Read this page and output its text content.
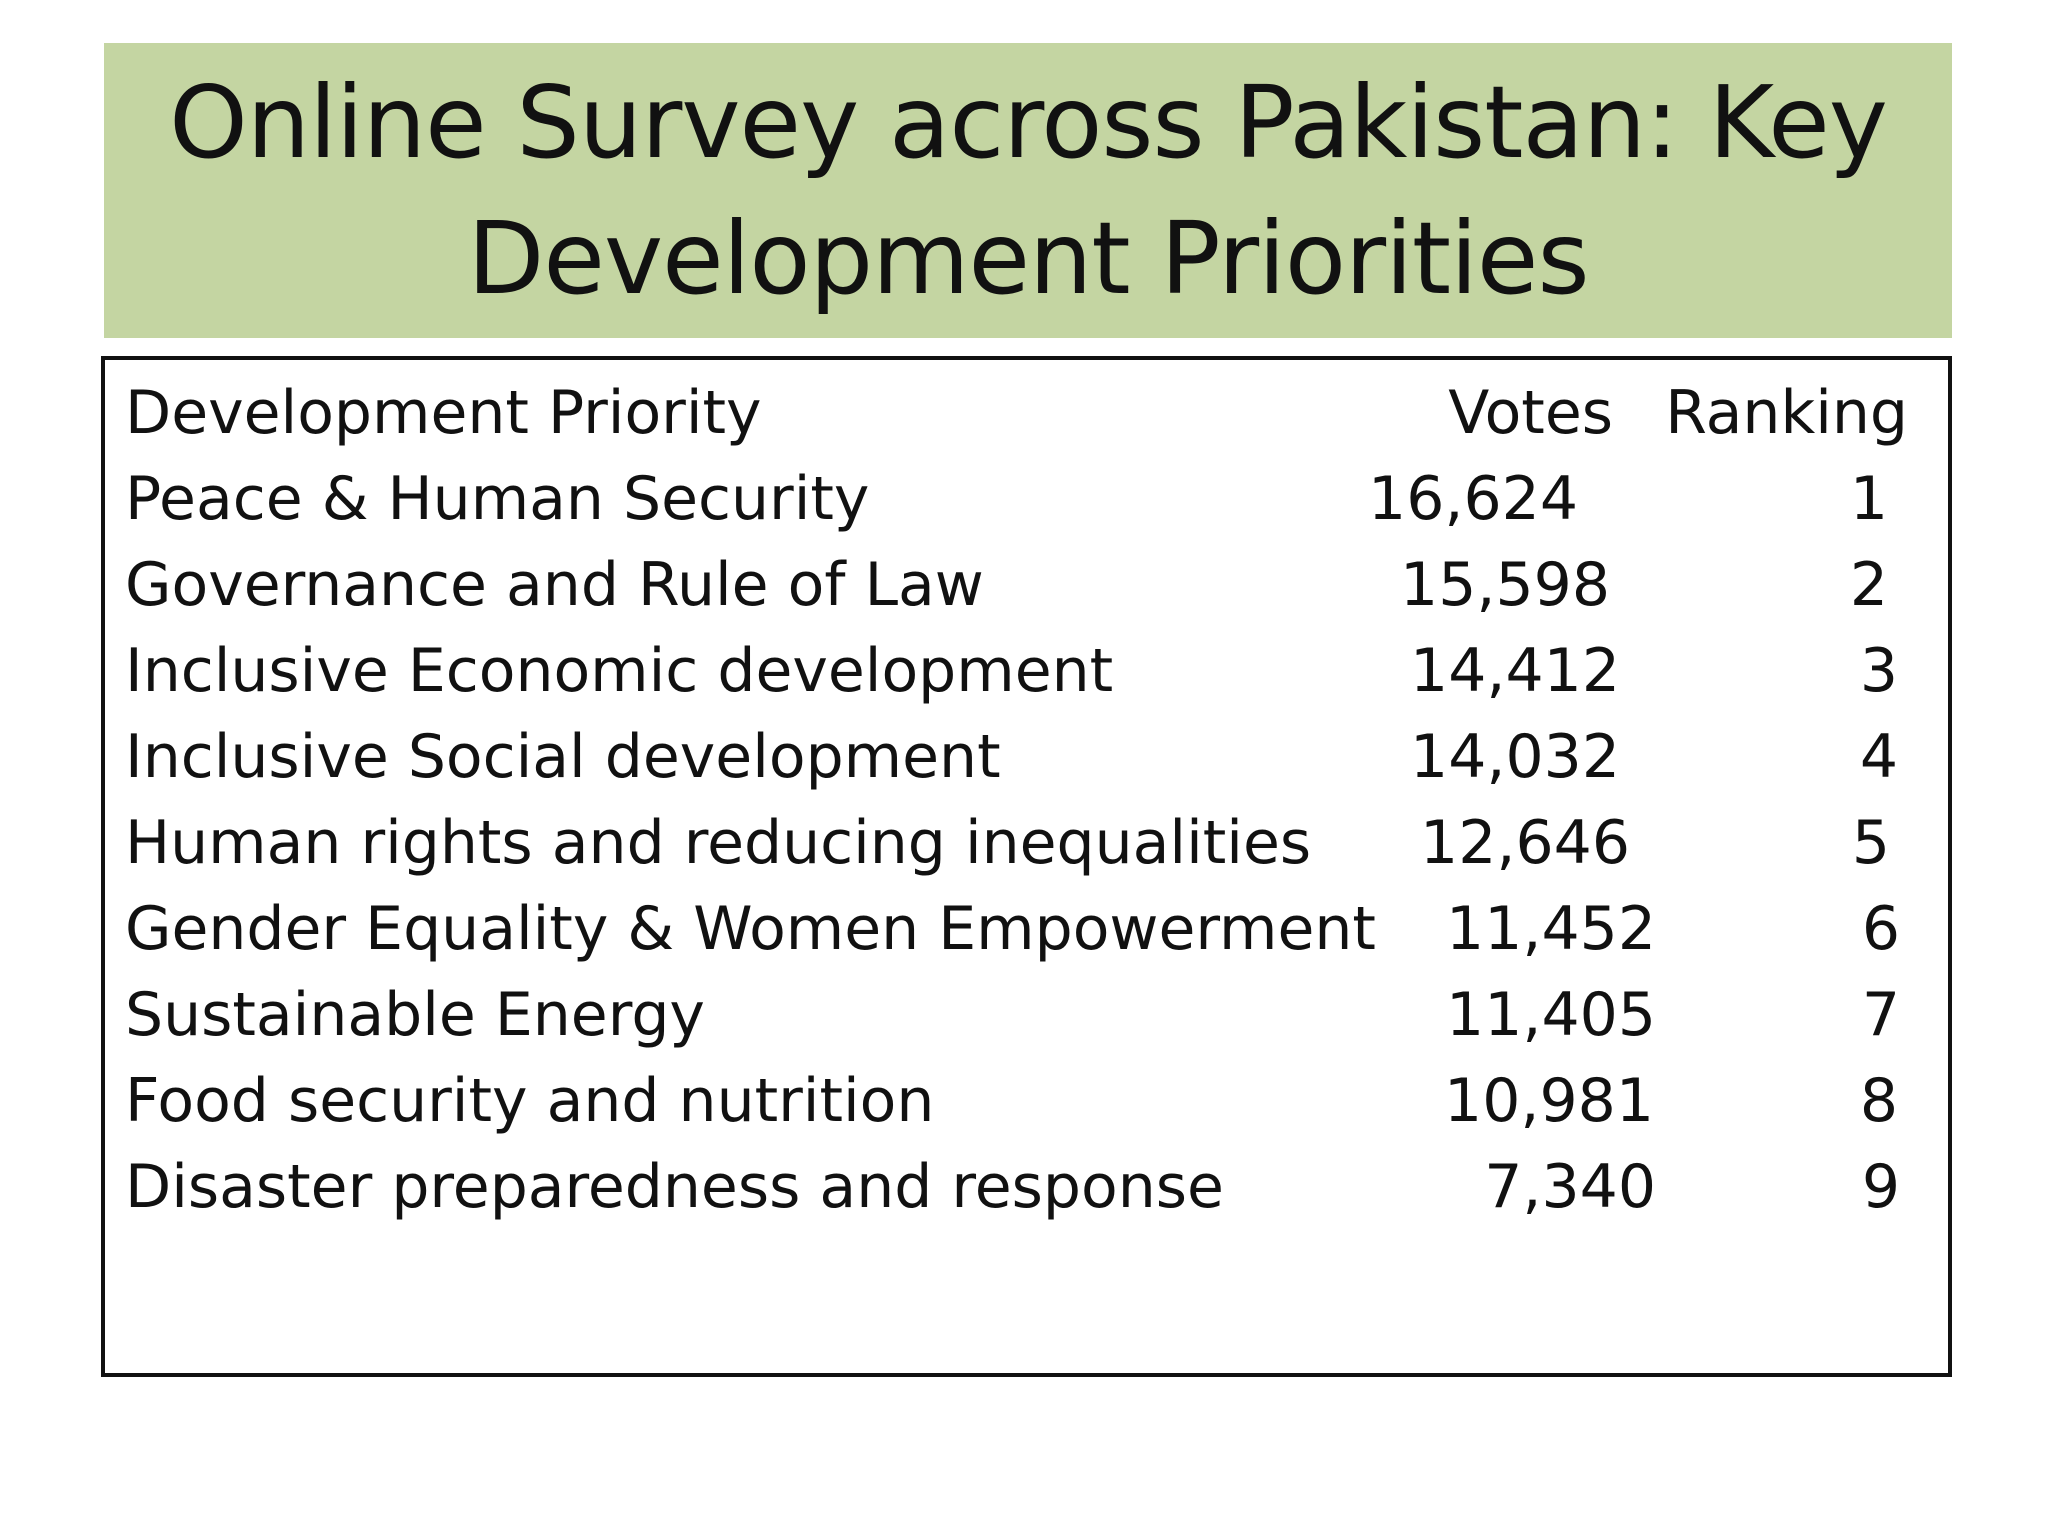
Online Survey across Pakistan: Key
Development Priorities
Development Priority	Votes Ranking
Peace & Human Security	16,624	1
Governance and Rule of Law	15,598	2
Inclusive Economic development	14,412	3
Inclusive Social development	14,032	4
Human rights and reducing inequalities 12,646	5
Gender Equality & Women Empowerment 11,452	6
Sustainable Energy	11,405	7
Food security and nutrition	10,981	8
Disaster preparedness and response	7,340	9
